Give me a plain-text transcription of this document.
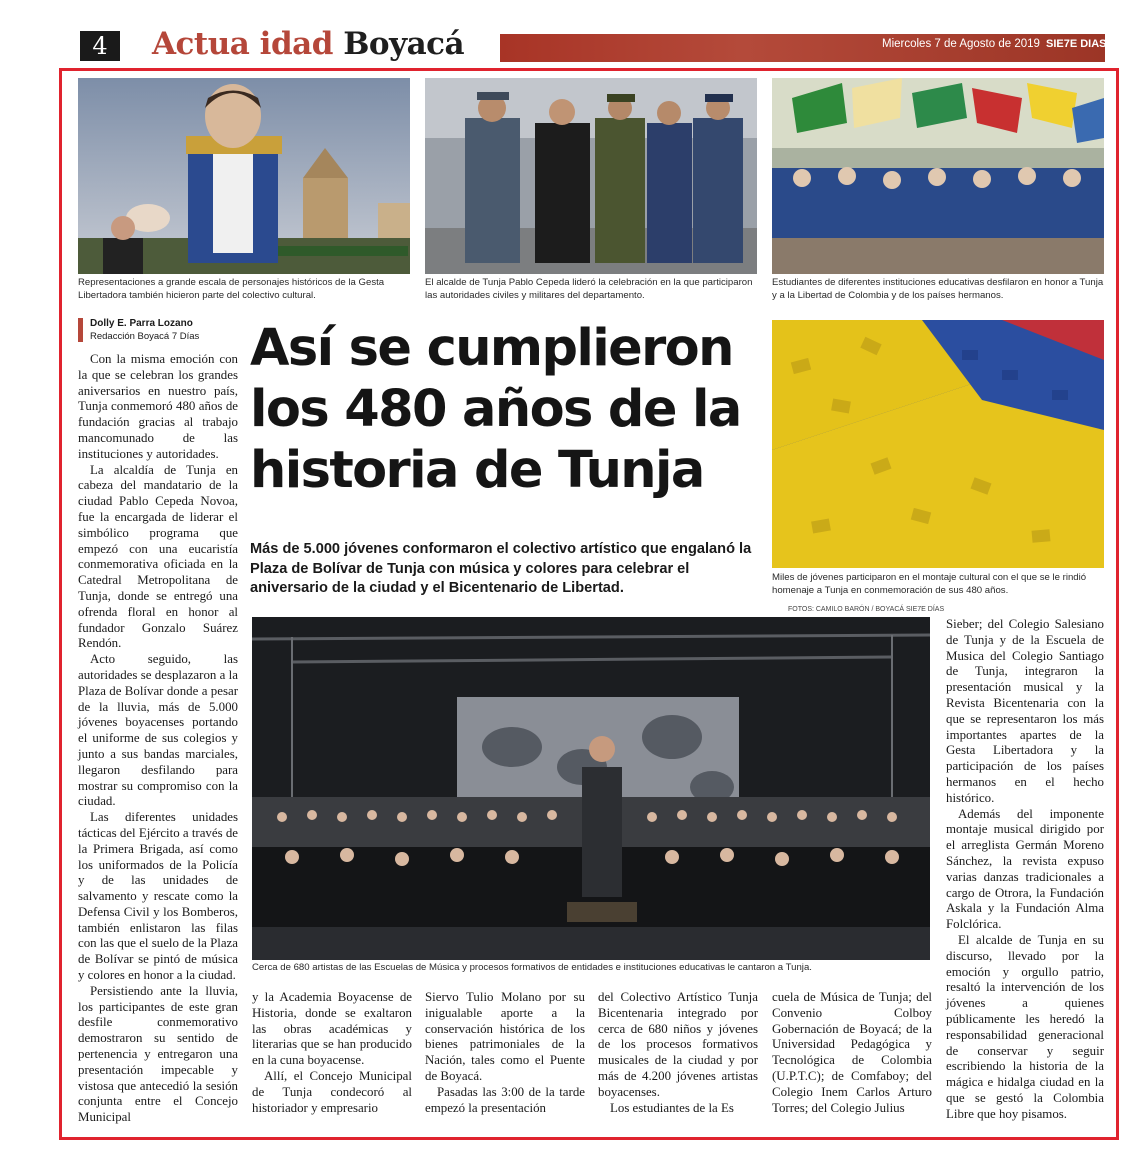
4	Actua idad Boyacá	Miercoles 7 de Agosto de 2019 SIE7E DIAS
Representaciones a grande escala de personajes históricos de la Gesta Libertadora también hicieron parte del colectivo cultural.
El alcalde de Tunja Pablo Cepeda lideró la celebración en la que participaron las autoridades civiles y militares del departamento.
Estudiantes de diferentes instituciones educativas desfilaron en honor a Tunja y a la Libertad de Colombia y de los países hermanos.
Miles de jóvenes participaron en el montaje cultural con el que se le rindió homenaje a Tunja en conmemoración de sus 480 años.
FOTOS: CAMILO BARÓN / BOYACÁ SIE7E DÍAS
Dolly E. Parra Lozano
Redacción Boyacá 7 Días Así se cumplieron los 480 años de la historia de Tunja
Más de 5.000 jóvenes conformaron el colectivo artístico que engalanó la Plaza de Bolívar de Tunja con música y colores para celebrar el aniversario de la ciudad y el Bicentenario de Libertad.
Cerca de 680 artistas de las Escuelas de Música y procesos formativos de entidades e instituciones educativas le cantaron a Tunja.

Con la misma emoción con la que se celebran los grandes aniversarios en nuestro país, Tunja conmemoró 480 años de fundación gracias al trabajo mancomunado de las instituciones y autoridades.

La alcaldía de Tunja en cabeza del mandatario de la ciudad Pablo Cepeda Novoa, fue la encargada de liderar el simbólico programa que empezó con una eucaristía conmemorativa oficiada en la Catedral Metropolitana de Tunja, donde se entregó una ofrenda floral en honor al fundador Gonzalo Suárez Rendón.

Acto seguido, las autoridades se desplazaron a la Plaza de Bolívar donde a pesar de la lluvia, más de 5.000 jóvenes boyacenses portando el uniforme de sus colegios y junto a sus bandas marciales, llegaron desfilando para mostrar su compromiso con la ciudad.

Las diferentes unidades tácticas del Ejército a través de la Primera Brigada, así como los uniformados de la Policía y de las unidades de salvamento y rescate como la Defensa Civil y los Bomberos, también enlistaron las filas con las que el suelo de la Plaza de Bolívar se pintó de música y colores en honor a la ciudad.

Persistiendo ante la lluvia, los participantes de este gran desfile conmemorativo demostraron su sentido de pertenencia y entregaron una presentación impecable y vistosa que antecedió la sesión conjunta entre el Concejo Municipal

y la Academia Boyacense de Historia, donde se exaltaron las obras académicas y literarias que se han producido en la cuna boyacense.

Allí, el Concejo Municipal de Tunja condecoró al historiador y empresario

Siervo Tulio Molano por su inigualable aporte a la conservación histórica de los bienes patrimoniales de la Nación, tales como el Puente de Boyacá.

Pasadas las 3:00 de la tarde empezó la presentación

del Colectivo Artístico Tunja Bicentenaria integrado por cerca de 680 niños y jóvenes de los procesos formativos musicales de la ciudad y por más de 4.200 jóvenes artistas boyacenses.

Los estudiantes de la Es

cuela de Música de Tunja; del Convenio Colboy Gobernación de Boyacá; de la Universidad Pedagógica y Tecnológica de Colombia (U.P.T.C); de Comfaboy; del Colegio Inem Carlos Arturo Torres; del Colegio Julius

Sieber; del Colegio Salesiano de Tunja y de la Escuela de Musica del Colegio Santiago de Tunja, integraron la presentación musical y la Revista Bicentenaria con la que se representaron los más importantes apartes de la Gesta Libertadora y la participación de los países hermanos en el hecho histórico.

Además del imponente montaje musical dirigido por el arreglista Germán Moreno Sánchez, la revista expuso varias danzas tradicionales a cargo de Otrora, la Fundación Askala y la Fundación Alma Folclórica.

El alcalde de Tunja en su discurso, llevado por la emoción y orgullo patrio, resaltó la intervención de los jóvenes a quienes públicamente les heredó la responsabilidad generacional de conservar y seguir escribiendo la historia de la mágica e hidalga ciudad en la que se gestó la Colombia Libre que hoy pisamos.
